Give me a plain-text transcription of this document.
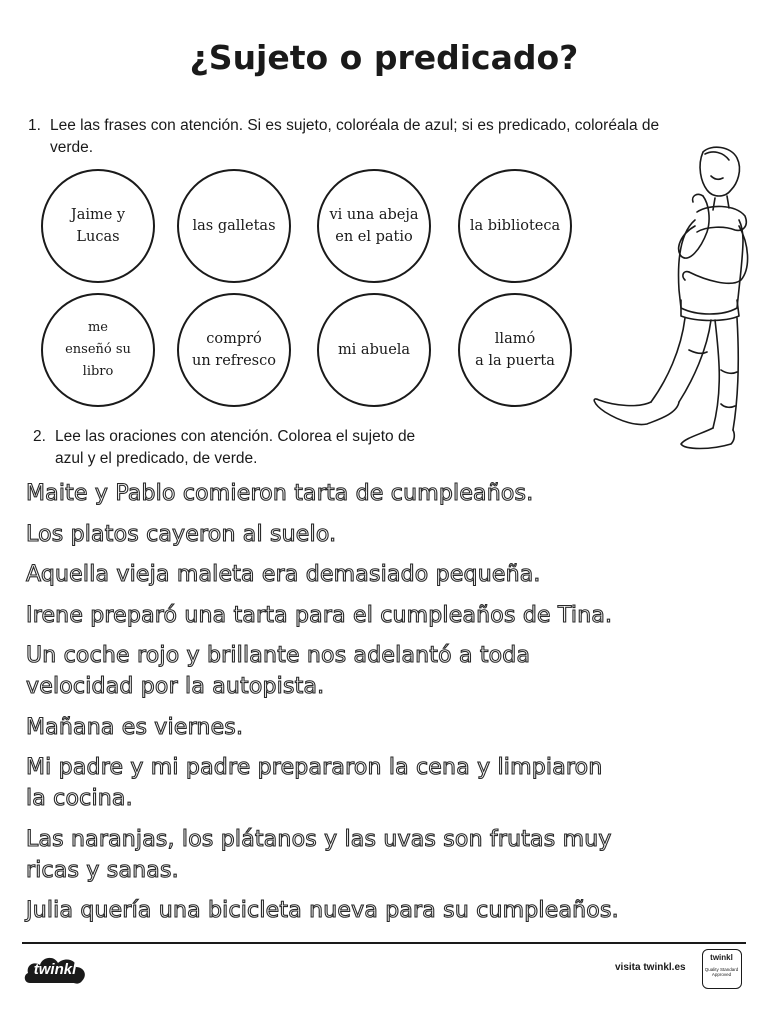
¿Sujeto o predicado?
1. Lee las frases con atención. Si es sujeto, coloréala de azul; si es predicado, coloréala de verde.
Jaime y Lucas
las galletas
vi una abeja
en el patio
la biblioteca
me
enseñó su libro
compró
un refresco
mi abuela
llamó
a la puerta
2. Lee las oraciones con atención. Colorea el sujeto de azul y el predicado, de verde.
Maite y Pablo comieron tarta de cumpleaños.
Los platos cayeron al suelo.
Aquella vieja maleta era demasiado pequeña.
Irene preparó una tarta para el cumpleaños de Tina.
Un coche rojo y brillante nos adelantó a toda
velocidad por la autopista.
Mañana es viernes.
Mi padre y mi padre prepararon la cena y limpiaron
la cocina.
Las naranjas, los plátanos y las uvas son frutas muy
ricas y sanas.
Julia quería una bicicleta nueva para su cumpleaños.
twinkl	visita twinkl.es
twinkl
Quality Standard
Approved
